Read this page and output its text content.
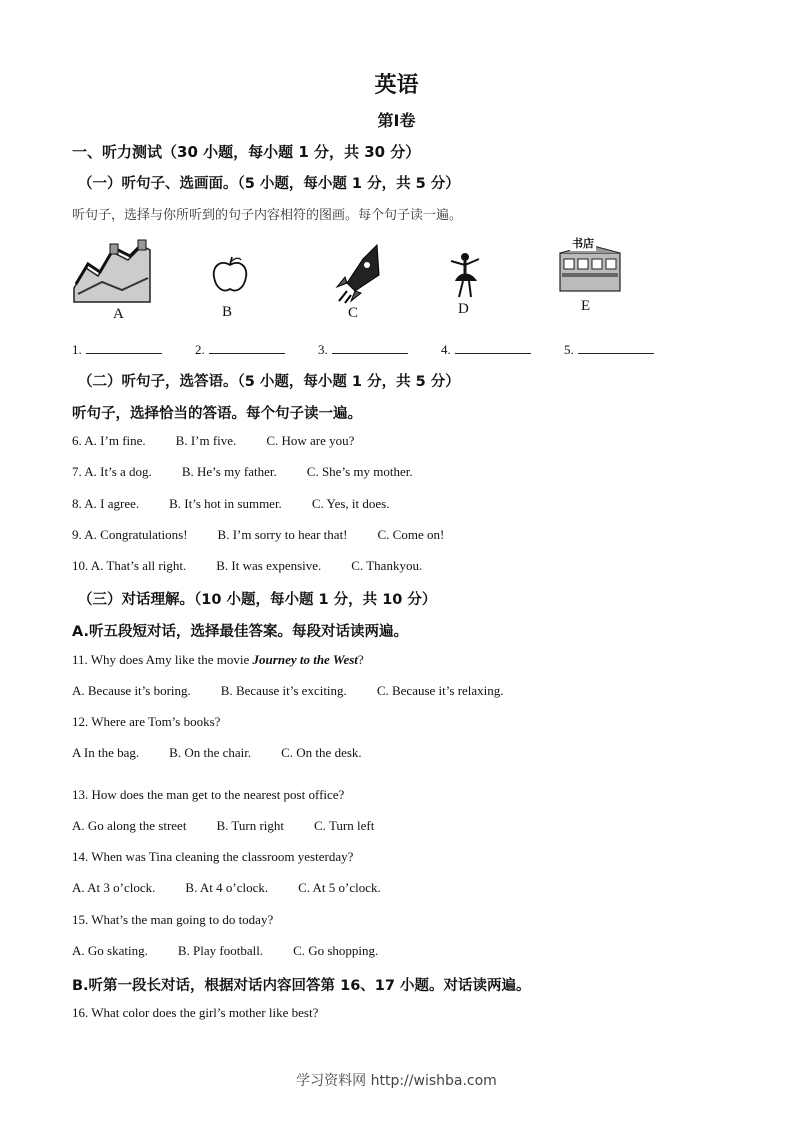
英语
第Ⅰ卷
一、听力测试（30 小题，每小题 1 分，共 30 分）
（一）听句子、选画面。（5 小题，每小题 1 分，共 5 分）
听句子，选择与你所听到的句子内容相符的图画。每个句子读一遍。
A	B	C	D
书店
E
1.	2.	3.	4.	5.
（二）听句子，选答语。（5 小题，每小题 1 分，共 5 分）
听句子，选择恰当的答语。每个句子读一遍。
6. A. I’m fine. B. I’m five. C. How are you?
7. A. It’s a dog. B. He’s my father. C. She’s my mother.
8. A. I agree. B. It’s hot in summer. C. Yes, it does.
9. A. Congratulations! B. I’m sorry to hear that! C. Come on!
10. A. That’s all right. B. It was expensive. C. Thankyou.
（三）对话理解。（10 小题，每小题 1 分，共 10 分）
A.听五段短对话，选择最佳答案。每段对话读两遍。
11. Why does Amy like the movie Journey to the West?
A. Because it’s boring. B. Because it’s exciting. C. Because it’s relaxing.
12. Where are Tom’s books?
A In the bag. B. On the chair. C. On the desk.
13. How does the man get to the nearest post office?
A. Go along the street B. Turn right C. Turn left
14. When was Tina cleaning the classroom yesterday?
A. At 3 o’clock. B. At 4 o’clock. C. At 5 o’clock.
15. What’s the man going to do today?
A. Go skating. B. Play football. C. Go shopping.
B.听第一段长对话，根据对话内容回答第 16、17 小题。对话读两遍。
16. What color does the girl’s mother like best?
学习资料网 http://wishba.com
